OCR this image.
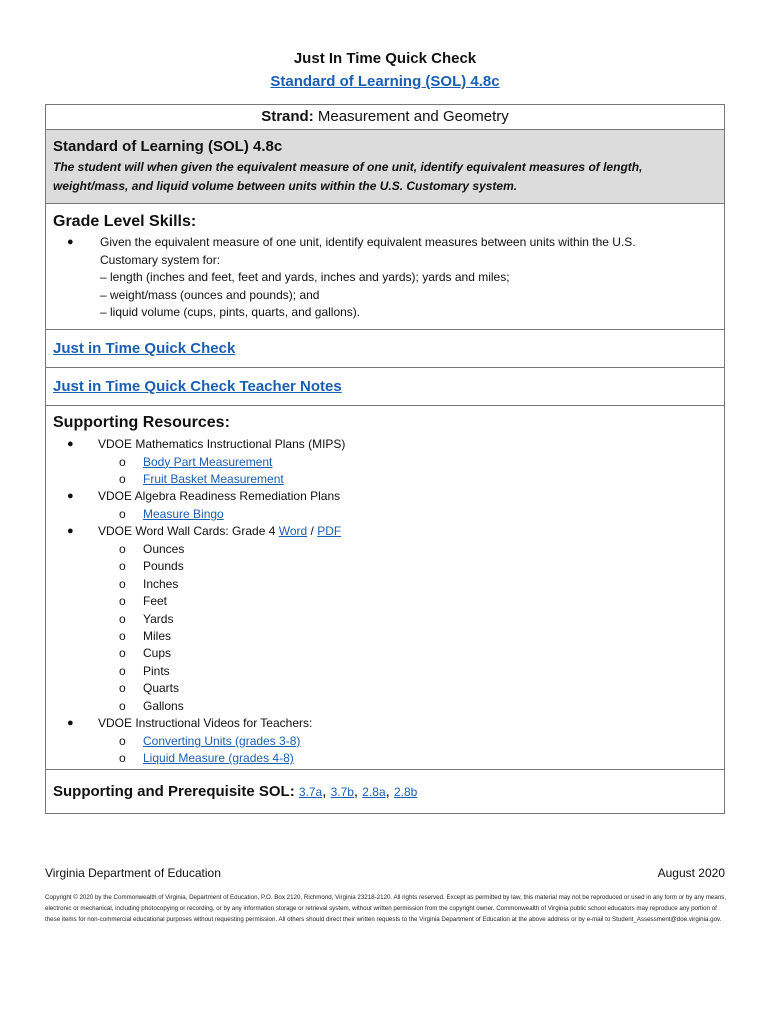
Just In Time Quick Check
Standard of Learning (SOL) 4.8c
Strand: Measurement and Geometry
Standard of Learning (SOL) 4.8c
The student will when given the equivalent measure of one unit, identify equivalent measures of length, weight/mass, and liquid volume between units within the U.S. Customary system.
Grade Level Skills:
● Given the equivalent measure of one unit, identify equivalent measures between units within the U.S.
Customary system for:
– length (inches and feet, feet and yards, inches and yards); yards and miles;
– weight/mass (ounces and pounds); and
– liquid volume (cups, pints, quarts, and gallons).
Just in Time Quick Check
Just in Time Quick Check Teacher Notes
Supporting Resources:
● VDOE Mathematics Instructional Plans (MIPS)
o Body Part Measurement
o Fruit Basket Measurement
● VDOE Algebra Readiness Remediation Plans
o Measure Bingo
● VDOE Word Wall Cards: Grade 4 Word / PDF
o Ounces
o Pounds
o Inches
o Feet
o Yards
o Miles
o Cups
o Pints
o Quarts
o Gallons
● VDOE Instructional Videos for Teachers:
o Converting Units (grades 3-8)
o Liquid Measure (grades 4-8)
Supporting and Prerequisite SOL: 3.7a, 3.7b, 2.8a, 2.8b
Virginia Department of Education	August 2020
Copyright © 2020 by the Commonwealth of Virginia, Department of Education, P.O. Box 2120, Richmond, Virginia 23218-2120. All rights reserved. Except as permitted by law, this material may not be reproduced or used in any form or by any means, electronic or mechanical, including photocopying or recording, or by any information storage or retrieval system, without written permission from the copyright owner. Commonwealth of Virginia public school educators may reproduce any portion of these items for non-commercial educational purposes without requesting permission. All others should direct their written requests to the Virginia Department of Education at the above address or by e-mail to Student_Assessment@doe.virginia.gov.
